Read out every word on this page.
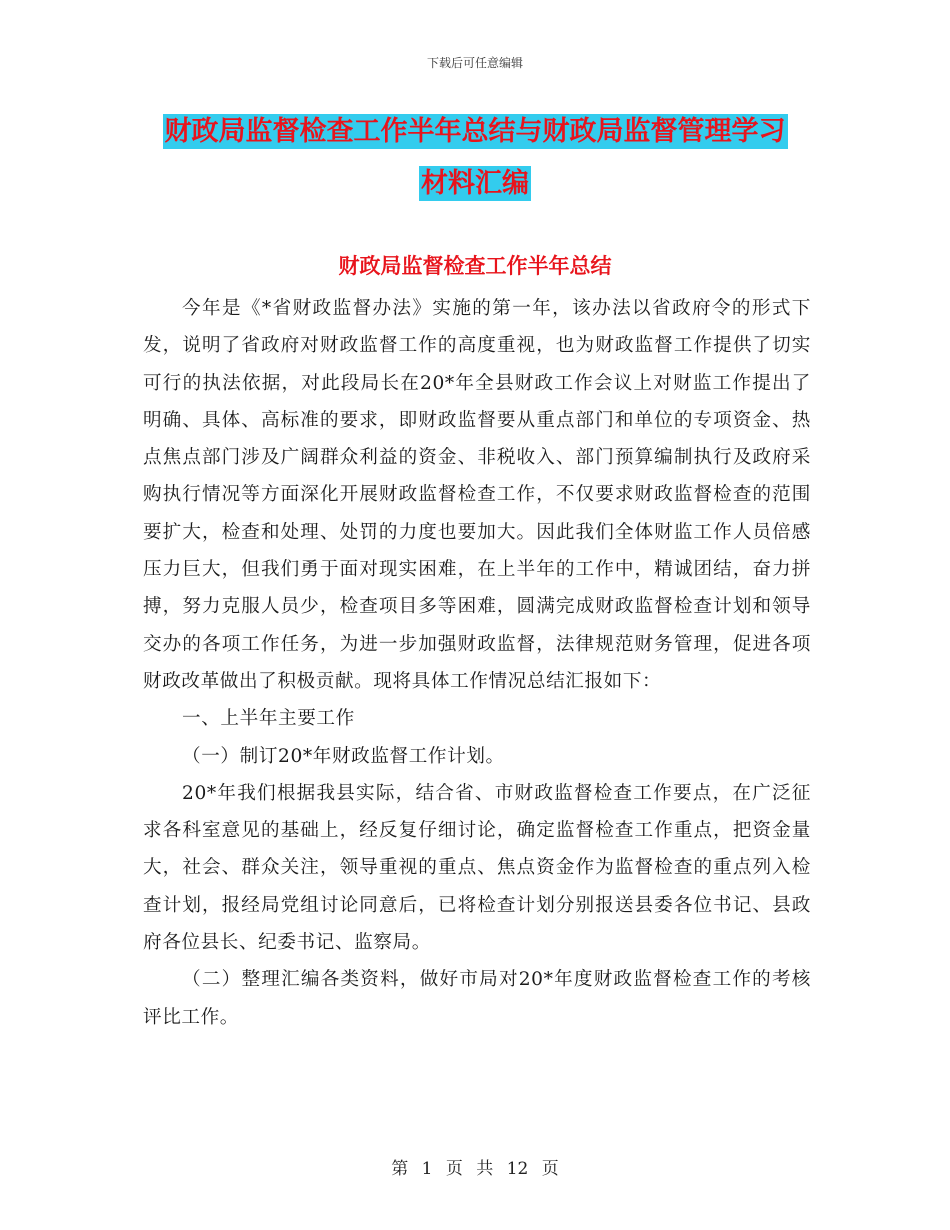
下载后可任意编辑
财政局监督检查工作半年总结与财政局监督管理学习
材料汇编
财政局监督检查工作半年总结

今年是《*省财政监督办法》实施的第一年，该办法以省政府令的形式下发，说明了省政府对财政监督工作的高度重视，也为财政监督工作提供了切实可行的执法依据，对此段局长在20*年全县财政工作会议上对财监工作提出了明确、具体、高标准的要求，即财政监督要从重点部门和单位的专项资金、热点焦点部门涉及广阔群众利益的资金、非税收入、部门预算编制执行及政府采购执行情况等方面深化开展财政监督检查工作，不仅要求财政监督检查的范围要扩大，检查和处理、处罚的力度也要加大。因此我们全体财监工作人员倍感压力巨大，但我们勇于面对现实困难，在上半年的工作中，精诚团结，奋力拼搏，努力克服人员少，检查项目多等困难，圆满完成财政监督检查计划和领导交办的各项工作任务，为进一步加强财政监督，法律规范财务管理，促进各项财政改革做出了积极贡献。现将具体工作情况总结汇报如下：

一、上半年主要工作

（一）制订20*年财政监督工作计划。

20*年我们根据我县实际，结合省、市财政监督检查工作要点，在广泛征求各科室意见的基础上，经反复仔细讨论，确定监督检查工作重点，把资金量大，社会、群众关注，领导重视的重点、焦点资金作为监督检查的重点列入检查计划，报经局党组讨论同意后，已将检查计划分别报送县委各位书记、县政府各位县长、纪委书记、监察局。

（二）整理汇编各类资料，做好市局对20*年度财政监督检查工作的考核评比工作。

第 1 页 共 12 页
